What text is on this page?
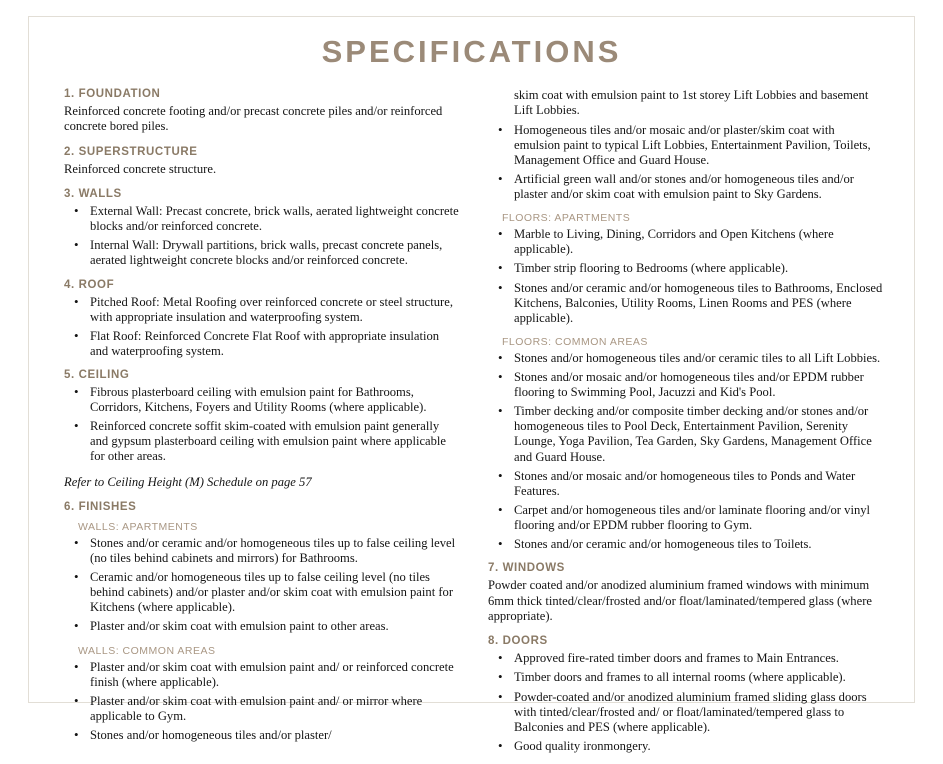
SPECIFICATIONS
1. FOUNDATION

Reinforced concrete footing and/or precast concrete piles and/or reinforced concrete bored piles.

2. SUPERSTRUCTURE

Reinforced concrete structure.

3. WALLS
• External Wall: Precast concrete, brick walls, aerated lightweight concrete blocks and/or reinforced concrete.
• Internal Wall: Drywall partitions, brick walls, precast concrete panels, aerated lightweight concrete blocks and/or reinforced concrete.
4. ROOF
• Pitched Roof: Metal Roofing over reinforced concrete or steel structure, with appropriate insulation and waterproofing system.
• Flat Roof: Reinforced Concrete Flat Roof with appropriate insulation and waterproofing system.
5. CEILING
• Fibrous plasterboard ceiling with emulsion paint for Bathrooms, Corridors, Kitchens, Foyers and Utility Rooms (where applicable).
• Reinforced concrete soffit skim-coated with emulsion paint generally and gypsum plasterboard ceiling with emulsion paint where applicable for other areas.

Refer to Ceiling Height (M) Schedule on page 57

6. FINISHES
WALLS: APARTMENTS
• Stones and/or ceramic and/or homogeneous tiles up to false ceiling level (no tiles behind cabinets and mirrors) for Bathrooms.
• Ceramic and/or homogeneous tiles up to false ceiling level (no tiles behind cabinets) and/or plaster and/or skim coat with emulsion paint for Kitchens (where applicable).
• Plaster and/or skim coat with emulsion paint to other areas.
WALLS: COMMON AREAS
• Plaster and/or skim coat with emulsion paint and/ or reinforced concrete finish (where applicable).
• Plaster and/or skim coat with emulsion paint and/ or mirror where applicable to Gym.
• Stones and/or homogeneous tiles and/or plaster/

skim coat with emulsion paint to 1st storey Lift Lobbies and basement Lift Lobbies.

• Homogeneous tiles and/or mosaic and/or plaster/skim coat with emulsion paint to typical Lift Lobbies, Entertainment Pavilion, Toilets, Management Office and Guard House.
• Artificial green wall and/or stones and/or homogeneous tiles and/or plaster and/or skim coat with emulsion paint to Sky Gardens.
FLOORS: APARTMENTS
• Marble to Living, Dining, Corridors and Open Kitchens (where applicable).
• Timber strip flooring to Bedrooms (where applicable).
• Stones and/or ceramic and/or homogeneous tiles to Bathrooms, Enclosed Kitchens, Balconies, Utility Rooms, Linen Rooms and PES (where applicable).
FLOORS: COMMON AREAS
• Stones and/or homogeneous tiles and/or ceramic tiles to all Lift Lobbies.
• Stones and/or mosaic and/or homogeneous tiles and/or EPDM rubber flooring to Swimming Pool, Jacuzzi and Kid's Pool.
• Timber decking and/or composite timber decking and/or stones and/or homogeneous tiles to Pool Deck, Entertainment Pavilion, Serenity Lounge, Yoga Pavilion, Tea Garden, Sky Gardens, Management Office and Guard House.
• Stones and/or mosaic and/or homogeneous tiles to Ponds and Water Features.
• Carpet and/or homogeneous tiles and/or laminate flooring and/or vinyl flooring and/or EPDM rubber flooring to Gym.
• Stones and/or ceramic and/or homogeneous tiles to Toilets.
7. WINDOWS

Powder coated and/or anodized aluminium framed windows with minimum 6mm thick tinted/clear/frosted and/or float/laminated/tempered glass (where appropriate).

8. DOORS
• Approved fire-rated timber doors and frames to Main Entrances.
• Timber doors and frames to all internal rooms (where applicable).
• Powder-coated and/or anodized aluminium framed sliding glass doors with tinted/clear/frosted and/ or float/laminated/tempered glass to Balconies and PES (where applicable).
• Good quality ironmongery.
